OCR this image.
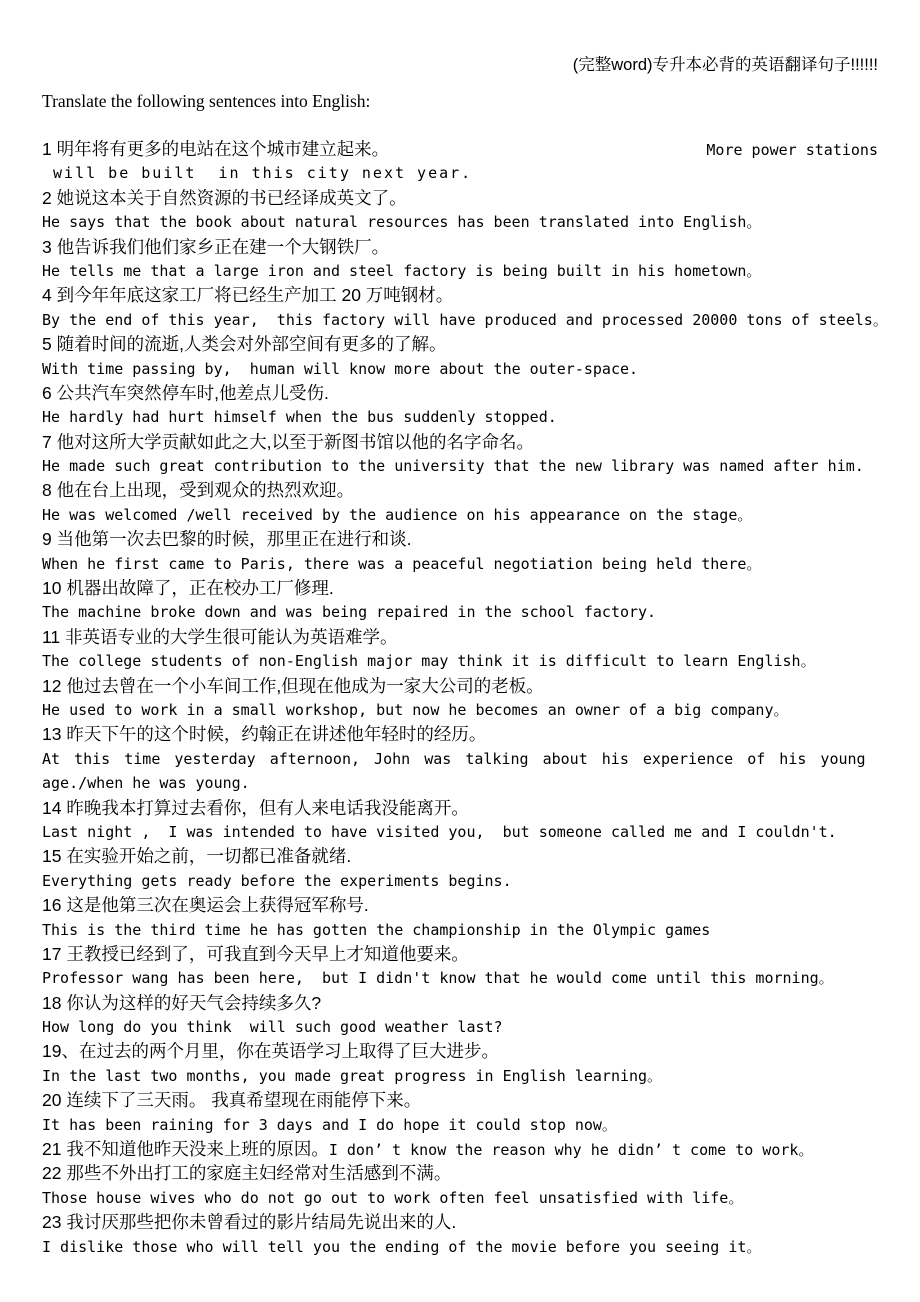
(完整word)专升本必背的英语翻译句子!!!!!!
Translate the following sentences into English:
1 明年将有更多的电站在这个城市建立起来。	More power stations
will be built  in this city next year.
2 她说这本关于自然资源的书已经译成英文了。
He says that the book about natural resources has been translated into English。
3 他告诉我们他们家乡正在建一个大钢铁厂。
He tells me that a large iron and steel factory is being built in his hometown。
4 到今年年底这家工厂将已经生产加工 20 万吨钢材。
By the end of this year,  this factory will have produced and processed 20000 tons of steels。
5 随着时间的流逝,人类会对外部空间有更多的了解。
With time passing by,  human will know more about the outer-space.
6 公共汽车突然停车时,他差点儿受伤.
He hardly had hurt himself when the bus suddenly stopped.
7 他对这所大学贡献如此之大,以至于新图书馆以他的名字命名。
He made such great contribution to the university that the new library was named after him.
8 他在台上出现，受到观众的热烈欢迎。
He was welcomed /well received by the audience on his appearance on the stage。
9 当他第一次去巴黎的时候，那里正在进行和谈.
When he first came to Paris, there was a peaceful negotiation being held there。
10 机器出故障了，正在校办工厂修理.
The machine broke down and was being repaired in the school factory.
11 非英语专业的大学生很可能认为英语难学。
The college students of non-English major may think it is difficult to learn English。
12 他过去曾在一个小车间工作,但现在他成为一家大公司的老板。
He used to work in a small workshop, but now he becomes an owner of a big company。
13 昨天下午的这个时候，约翰正在讲述他年轻时的经历。
At this time yesterday afternoon, John was talking about his experience of his young
age./when he was young.
14 昨晚我本打算过去看你，但有人来电话我没能离开。
Last night ,  I was intended to have visited you,  but someone called me and I couldn't.
15 在实验开始之前，一切都已准备就绪.
Everything gets ready before the experiments begins.
16 这是他第三次在奥运会上获得冠军称号.
This is the third time he has gotten the championship in the Olympic games
17 王教授已经到了，可我直到今天早上才知道他要来。
Professor wang has been here,  but I didn't know that he would come until this morning。
18 你认为这样的好天气会持续多久?
How long do you think  will such good weather last?
19、在过去的两个月里，你在英语学习上取得了巨大进步。
In the last two months, you made great progress in English learning。
20 连续下了三天雨。 我真希望现在雨能停下来。
It has been raining for 3 days and I do hope it could stop now。
21 我不知道他昨天没来上班的原因。I don’ t know the reason why he didn’ t come to work。
22 那些不外出打工的家庭主妇经常对生活感到不满。
Those house wives who do not go out to work often feel unsatisfied with life。
23 我讨厌那些把你未曾看过的影片结局先说出来的人.
I dislike those who will tell you the ending of the movie before you seeing it。
